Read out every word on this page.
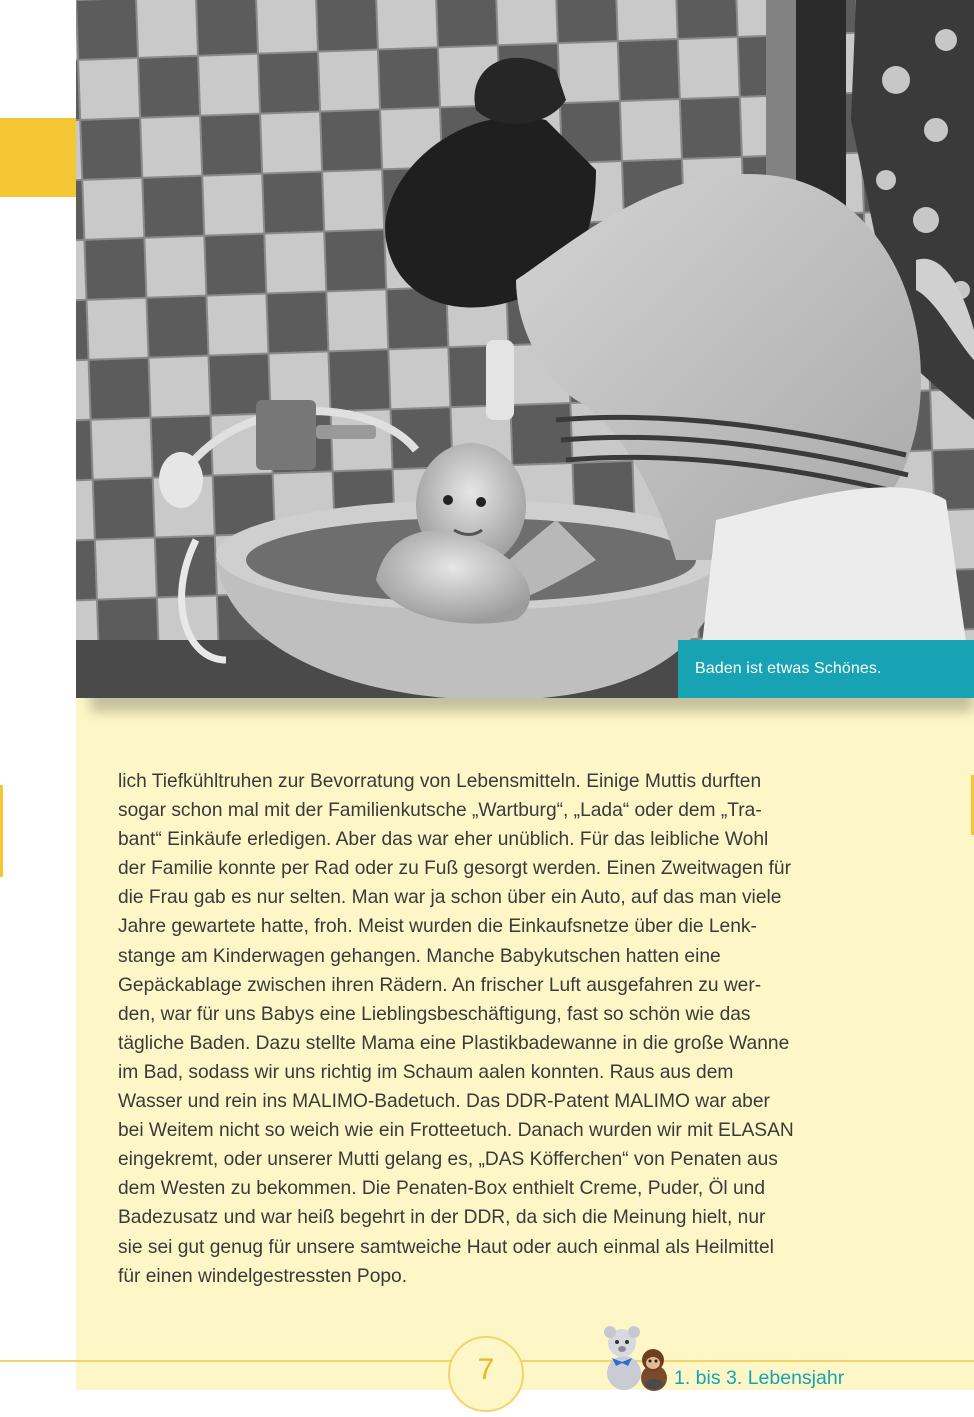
Baden ist etwas Schönes.
lich Tiefkühltruhen zur Bevorratung von Lebensmitteln. Einige Muttis durften
sogar schon mal mit der Familienkutsche „Wartburg“, „Lada“ oder dem „Tra-
bant“ Einkäufe erledigen. Aber das war eher unüblich. Für das leibliche Wohl
der Familie konnte per Rad oder zu Fuß gesorgt werden. Einen Zweitwagen für
die Frau gab es nur selten. Man war ja schon über ein Auto, auf das man viele
Jahre gewartete hatte, froh. Meist wurden die Einkaufsnetze über die Lenk-
stange am Kinderwagen gehangen. Manche Babykutschen hatten eine
Gepäckablage zwischen ihren Rädern. An frischer Luft ausgefahren zu wer-
den, war für uns Babys eine Lieblingsbeschäftigung, fast so schön wie das
tägliche Baden. Dazu stellte Mama eine Plastikbadewanne in die große Wanne
im Bad, sodass wir uns richtig im Schaum aalen konnten. Raus aus dem
Wasser und rein ins MALIMO-Badetuch. Das DDR-Patent MALIMO war aber
bei Weitem nicht so weich wie ein Frotteetuch. Danach wurden wir mit ELASAN
eingekremt, oder unserer Mutti gelang es, „DAS Köfferchen“ von Penaten aus
dem Westen zu bekommen. Die Penaten-Box enthielt Creme, Puder, Öl und
Badezusatz und war heiß begehrt in der DDR, da sich die Meinung hielt, nur
sie sei gut genug für unsere samtweiche Haut oder auch einmal als Heilmittel
für einen windelgestressten Popo.
7	1. bis 3. Lebensjahr
